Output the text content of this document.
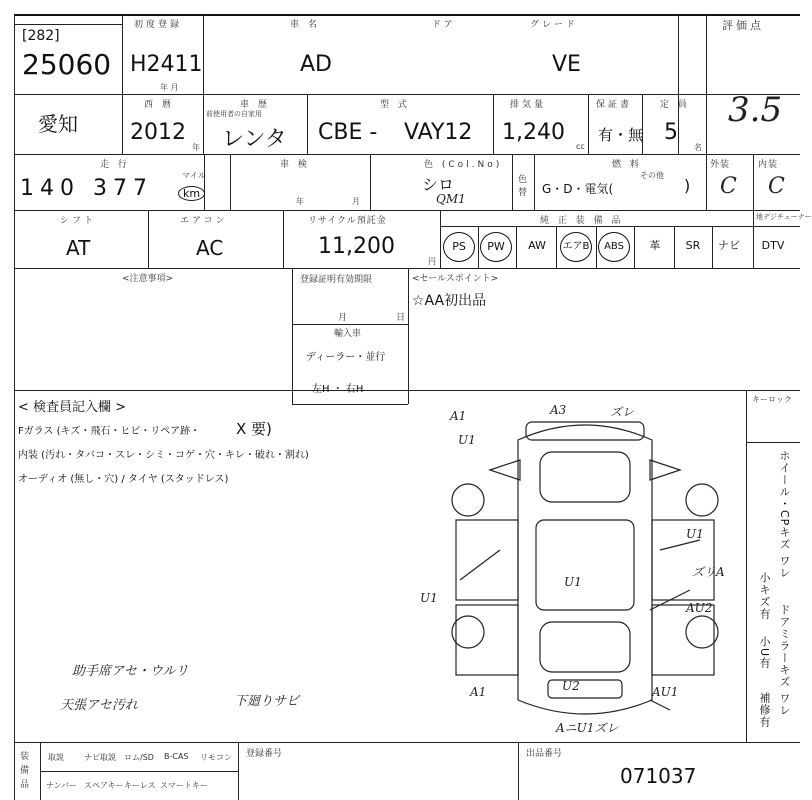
[282]
25060
初度登録
H2411
年 月
車 名	ドア
AD
グレード
VE
評価点
3.5
愛知
西 暦
2012
年
車 歴
前使用者の自家用
レンタ
型 式
CBE - VAY12
排気量
1,240
cc
保証書
有・無
定 員
5
名
走 行
140 377
マイル
km
車 検
年	月
色 (Col.No)
シロ
QM1
色替
燃 料
G・D・電気(
その他
)
外装
C
内装
C
シフト
AT
エアコン
AC
リサイクル預託金
11,200
円
純 正 装 備 品	地デジチューナー
PS	PW	AW	エアB	ABS	革	SR	ナビ	DTV
<注意事項>	登録証明有効期限
月	日
輸入車
ディーラー・並行
左H ・ 右H
<セールスポイント>
☆AA初出品
< 検査員記入欄 >
Fガラス (キズ・飛石・ヒビ・リペア跡・ X 要)
内装 (汚れ・タバコ・スレ・シミ・コゲ・穴・キレ・破れ・割れ)
オーディオ (無し・穴) / タイヤ (スタッドレス)
助手席アセ・ウルリ
天張アセ汚れ	下廻りサビ
キーロック
ホイール・CPキズ ワレ
ドアミラーキズ ワレ
小キズ有
小U有
補修有
A1
U1
A3	ズレ
U1
U1
ズリA
AU2
U1
A1	U2	AU1
AニU1ズレ
装備品
取説	ナビ取説 ロム/SD B-CAS リモコン
ナンバー スペアキー キーレス スマートキー
登録番号	出品番号
071037
